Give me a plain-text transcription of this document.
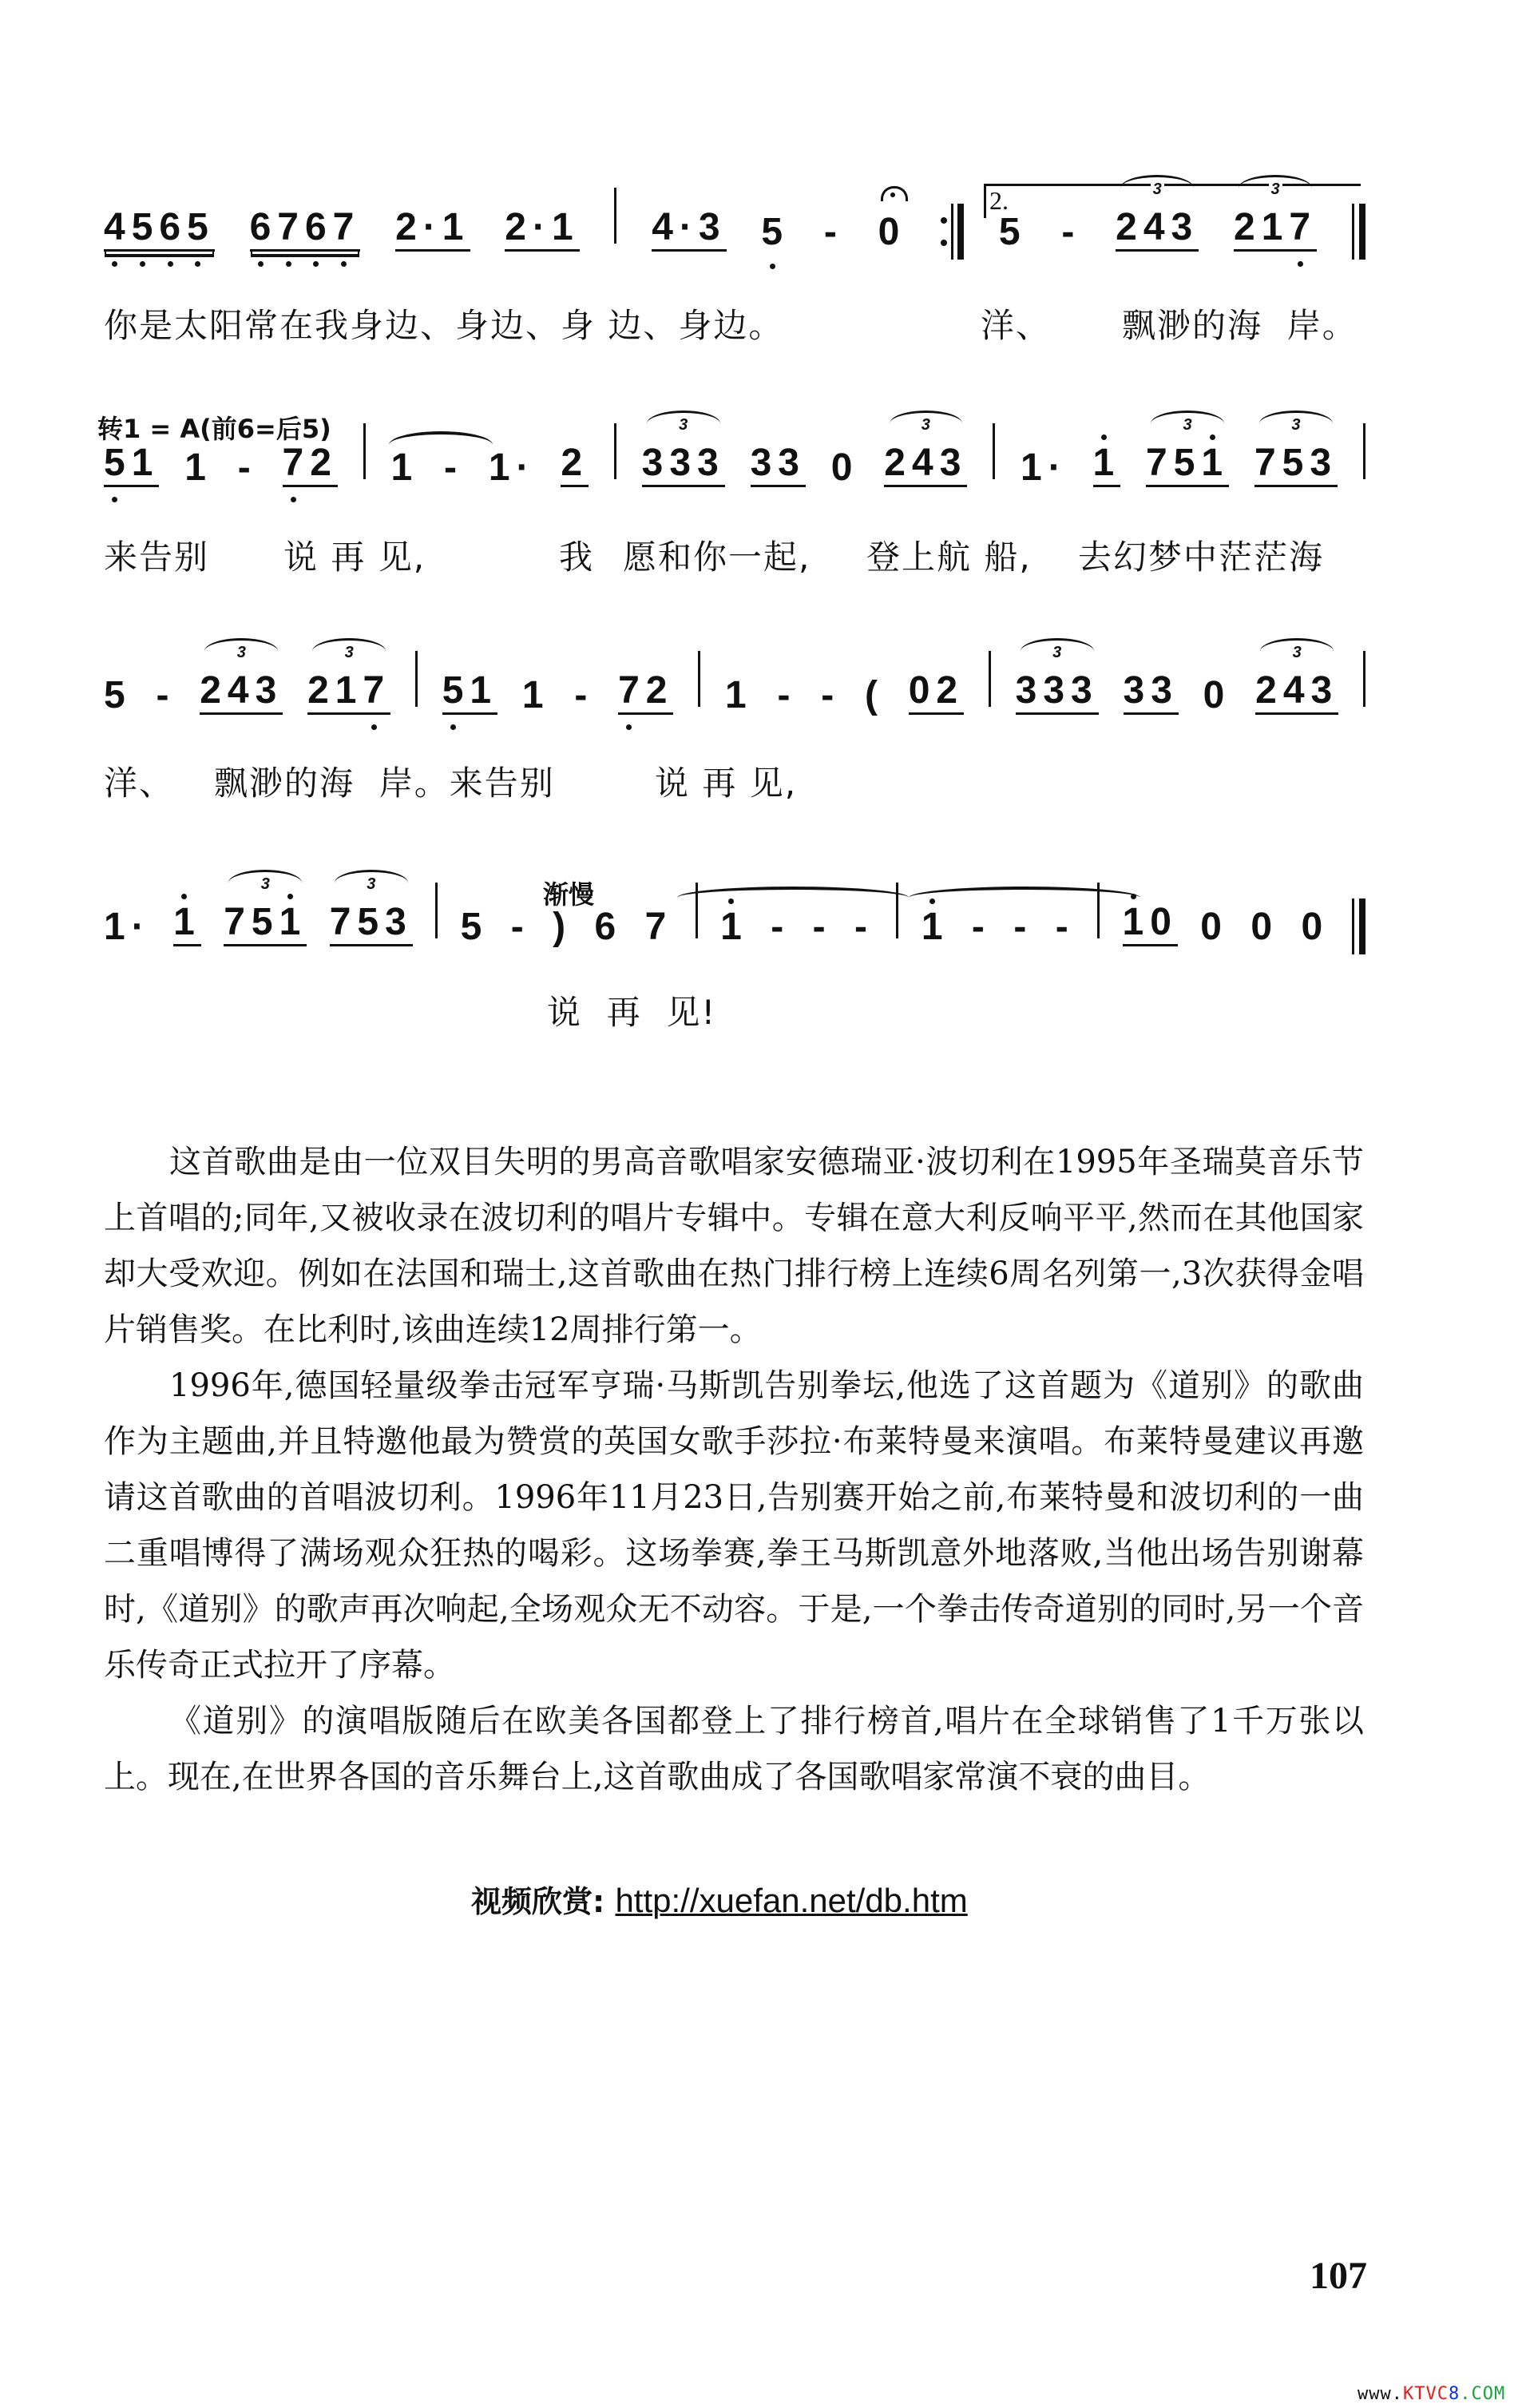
2.
4565 6767 2·1 2·1 4·3 5 - 0 5 - 243
$^3$
217
$^3$
你是太阳常在我身边、身边、身 边、身边。	洋、 飘渺的海  岸。
转1 = A(前6=后5)
51 1 - 72 1 - 1· 2 333
$^3$
33 0 243
$^3$
1· 1 751
$^3$
753
$^3$
来告别 说 再 见,	我 愿和你一起, 登上航 船, 去幻梦中茫茫海
5 - 243
$^3$
217
$^3$
51 1 - 72 1 - - ( 02 333
$^3$
33 0 243
$^3$
洋、 飘渺的海  岸。来告别	说 再 见,
渐慢
1· 1 751
$^3$
753
$^3$
5 - ) 6 7 1 - - - 1 - - - 10 0 0 0
说  再  见!

这首歌曲是由一位双目失明的男高音歌唱家安德瑞亚·波切利在1995年圣瑞莫音乐节上首唱的;同年,又被收录在波切利的唱片专辑中。专辑在意大利反响平平,然而在其他国家却大受欢迎。例如在法国和瑞士,这首歌曲在热门排行榜上连续6周名列第一,3次获得金唱片销售奖。在比利时,该曲连续12周排行第一。

1996年,德国轻量级拳击冠军亨瑞·马斯凯告别拳坛,他选了这首题为《道别》的歌曲作为主题曲,并且特邀他最为赞赏的英国女歌手莎拉·布莱特曼来演唱。布莱特曼建议再邀请这首歌曲的首唱波切利。1996年11月23日,告别赛开始之前,布莱特曼和波切利的一曲二重唱博得了满场观众狂热的喝彩。这场拳赛,拳王马斯凯意外地落败,当他出场告别谢幕时,《道别》的歌声再次响起,全场观众无不动容。于是,一个拳击传奇道别的同时,另一个音乐传奇正式拉开了序幕。

《道别》的演唱版随后在欧美各国都登上了排行榜首,唱片在全球销售了1千万张以上。现在,在世界各国的音乐舞台上,这首歌曲成了各国歌唱家常演不衰的曲目。

视频欣赏: http://xuefan.net/db.htm
107
www.KTVC8.COM
